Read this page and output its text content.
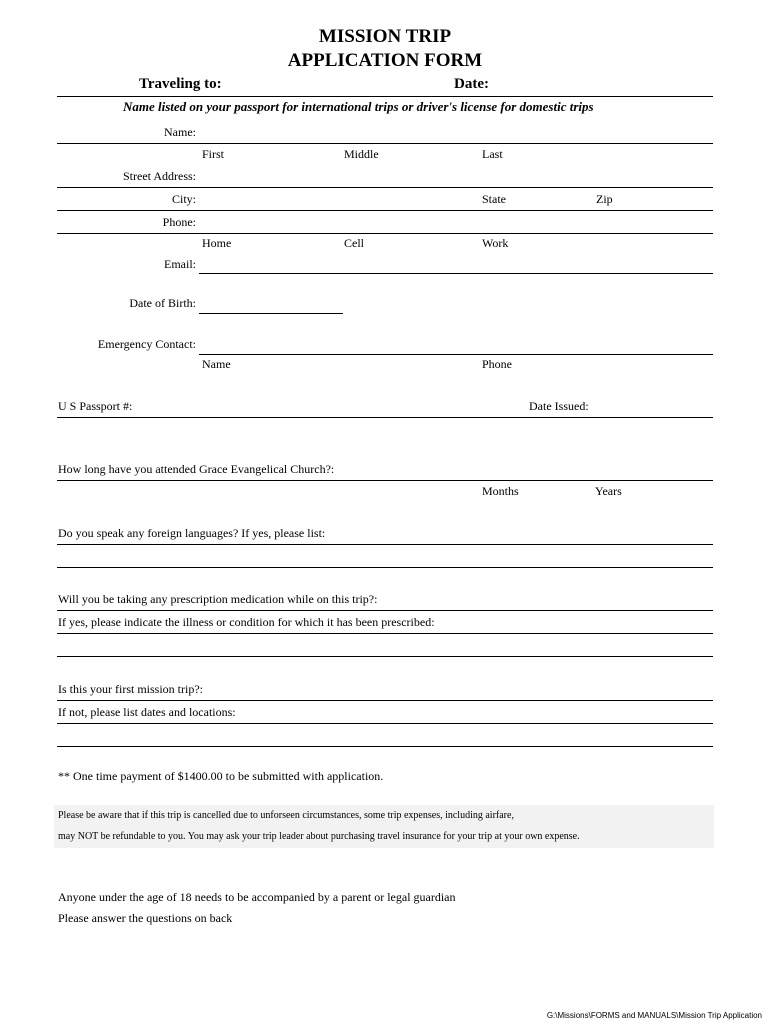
MISSION TRIP
APPLICATION FORM
Traveling to:	Date:
Name listed on your passport for international trips or driver's license for domestic trips
Name:
First	Middle	Last
Street Address:
City:	State	Zip
Phone:
Home	Cell	Work
Email:
Date of Birth:
Emergency Contact:
Name	Phone
U S Passport #:	Date Issued:
How long have you attended Grace Evangelical Church?:
Months	Years
Do you speak any foreign languages? If yes, please list:
Will you be taking any prescription medication while on this trip?:
If yes, please indicate the illness or condition for which it has been prescribed:
Is this your first mission trip?:
If not, please list dates and locations:
** One time payment of $1400.00 to be submitted with application.
Please be aware that if this trip is cancelled due to unforseen circumstances, some trip expenses, including airfare,
may NOT be refundable to you. You may ask your trip leader about purchasing travel insurance for your trip at your own expense.
Anyone under the age of 18 needs to be accompanied by a parent or legal guardian
Please answer the questions on back
G:\Missions\FORMS and MANUALS\Mission Trip Application
